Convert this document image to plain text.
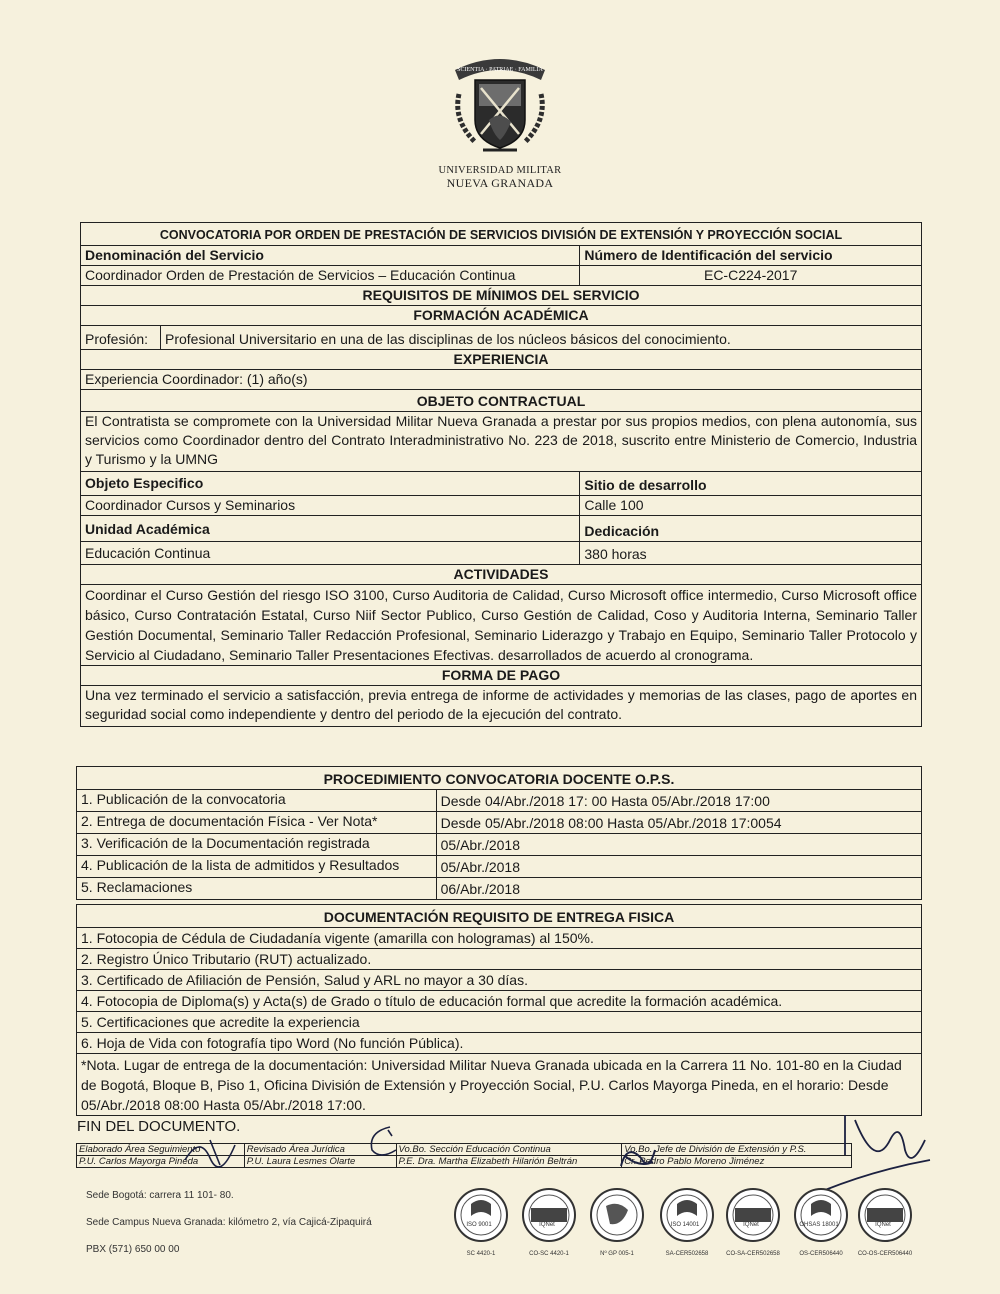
SCIENTIA · PATRIAE · FAMILIA
UNIVERSIDAD MILITAR
NUEVA GRANADA
CONVOCATORIA POR ORDEN DE PRESTACIÓN DE SERVICIOS DIVISIÓN DE EXTENSIÓN Y PROYECCIÓN SOCIAL		
Denominación del Servicio		Número de Identificación del servicio
Coordinador Orden de Prestación de Servicios – Educación Continua		EC-C224-2017
REQUISITOS DE MÍNIMOS DEL SERVICIO		
FORMACIÓN ACADÉMICA		
Profesión:	Profesional Universitario en una de las disciplinas de los núcleos básicos del conocimiento.	
EXPERIENCIA		
Experiencia Coordinador: (1) año(s)		
OBJETO CONTRACTUAL		
El Contratista se compromete con la Universidad Militar Nueva Granada a prestar por sus propios medios, con plena autonomía, sus servicios como Coordinador dentro del Contrato Interadministrativo No. 223 de 2018, suscrito entre Ministerio de Comercio, Industria y Turismo y la UMNG		
Objeto Especifico		Sitio de desarrollo
Coordinador Cursos y Seminarios		Calle 100
Unidad Académica		Dedicación
Educación Continua		380 horas
ACTIVIDADES		
Coordinar el Curso Gestión del riesgo ISO 3100, Curso Auditoria de Calidad, Curso Microsoft office intermedio, Curso Microsoft office básico, Curso Contratación Estatal, Curso Niif Sector Publico, Curso Gestión de Calidad, Coso y Auditoria Interna, Seminario Taller Gestión Documental, Seminario Taller Redacción Profesional, Seminario Liderazgo y Trabajo en Equipo, Seminario Taller Protocolo y Servicio al Ciudadano, Seminario Taller Presentaciones Efectivas. desarrollados de acuerdo al cronograma.		
FORMA DE PAGO		
Una vez terminado el servicio a satisfacción, previa entrega de informe de actividades y memorias de las clases, pago de aportes en seguridad social como independiente y dentro del periodo de la ejecución del contrato.		
PROCEDIMIENTO CONVOCATORIA DOCENTE O.P.S.	
1. Publicación de la convocatoria	Desde 04/Abr./2018 17: 00 Hasta 05/Abr./2018 17:00
2. Entrega de documentación Física - Ver Nota*	Desde 05/Abr./2018 08:00 Hasta 05/Abr./2018 17:0054
3. Verificación de la Documentación registrada	05/Abr./2018
4. Publicación de la lista de admitidos y Resultados	05/Abr./2018
5. Reclamaciones	06/Abr./2018
DOCUMENTACIÓN REQUISITO DE ENTREGA FISICA
1. Fotocopia de Cédula de Ciudadanía vigente (amarilla con hologramas) al 150%.
2. Registro Único Tributario (RUT) actualizado.
3. Certificado de Afiliación de Pensión, Salud y ARL no mayor a 30 días.
4. Fotocopia de Diploma(s) y Acta(s) de Grado o título de educación formal que acredite la formación académica.
5. Certificaciones que acredite la experiencia
6. Hoja de Vida con fotografía tipo Word (No función Pública).
*Nota. Lugar de entrega de la documentación: Universidad Militar Nueva Granada ubicada en la Carrera 11 No. 101-80 en la Ciudad de Bogotá, Bloque B, Piso 1, Oficina División de Extensión y Proyección Social, P.U. Carlos Mayorga Pineda, en el horario: Desde 05/Abr./2018 08:00 Hasta 05/Abr./2018 17:00.
FIN DEL DOCUMENTO.
Elaborado Área Seguimiento	Revisado Área Jurídica	Vo.Bo. Sección Educación Continua	Vo.Bo. Jefe de División de Extensión y P.S.
P.U. Carlos Mayorga Pineda	P.U. Laura Lesmes Olarte	P.E. Dra. Martha Elizabeth Hilarión Beltrán	Cr. Pedro Pablo Moreno Jiménez
Sede Bogotá: carrera 11 101- 80.
Sede Campus Nueva Granada: kilómetro 2, vía Cajicá-Zipaquirá
PBX (571) 650 00 00
ISO 9001
SC 4420-1
IQNet
CO-SC 4420-1	Nº GP 005-1
ISO 14001
SA-CER502658
IQNet
CO-SA-CER502658
OHSAS 18001
OS-CER506440
IQNet
CO-OS-CER506440
